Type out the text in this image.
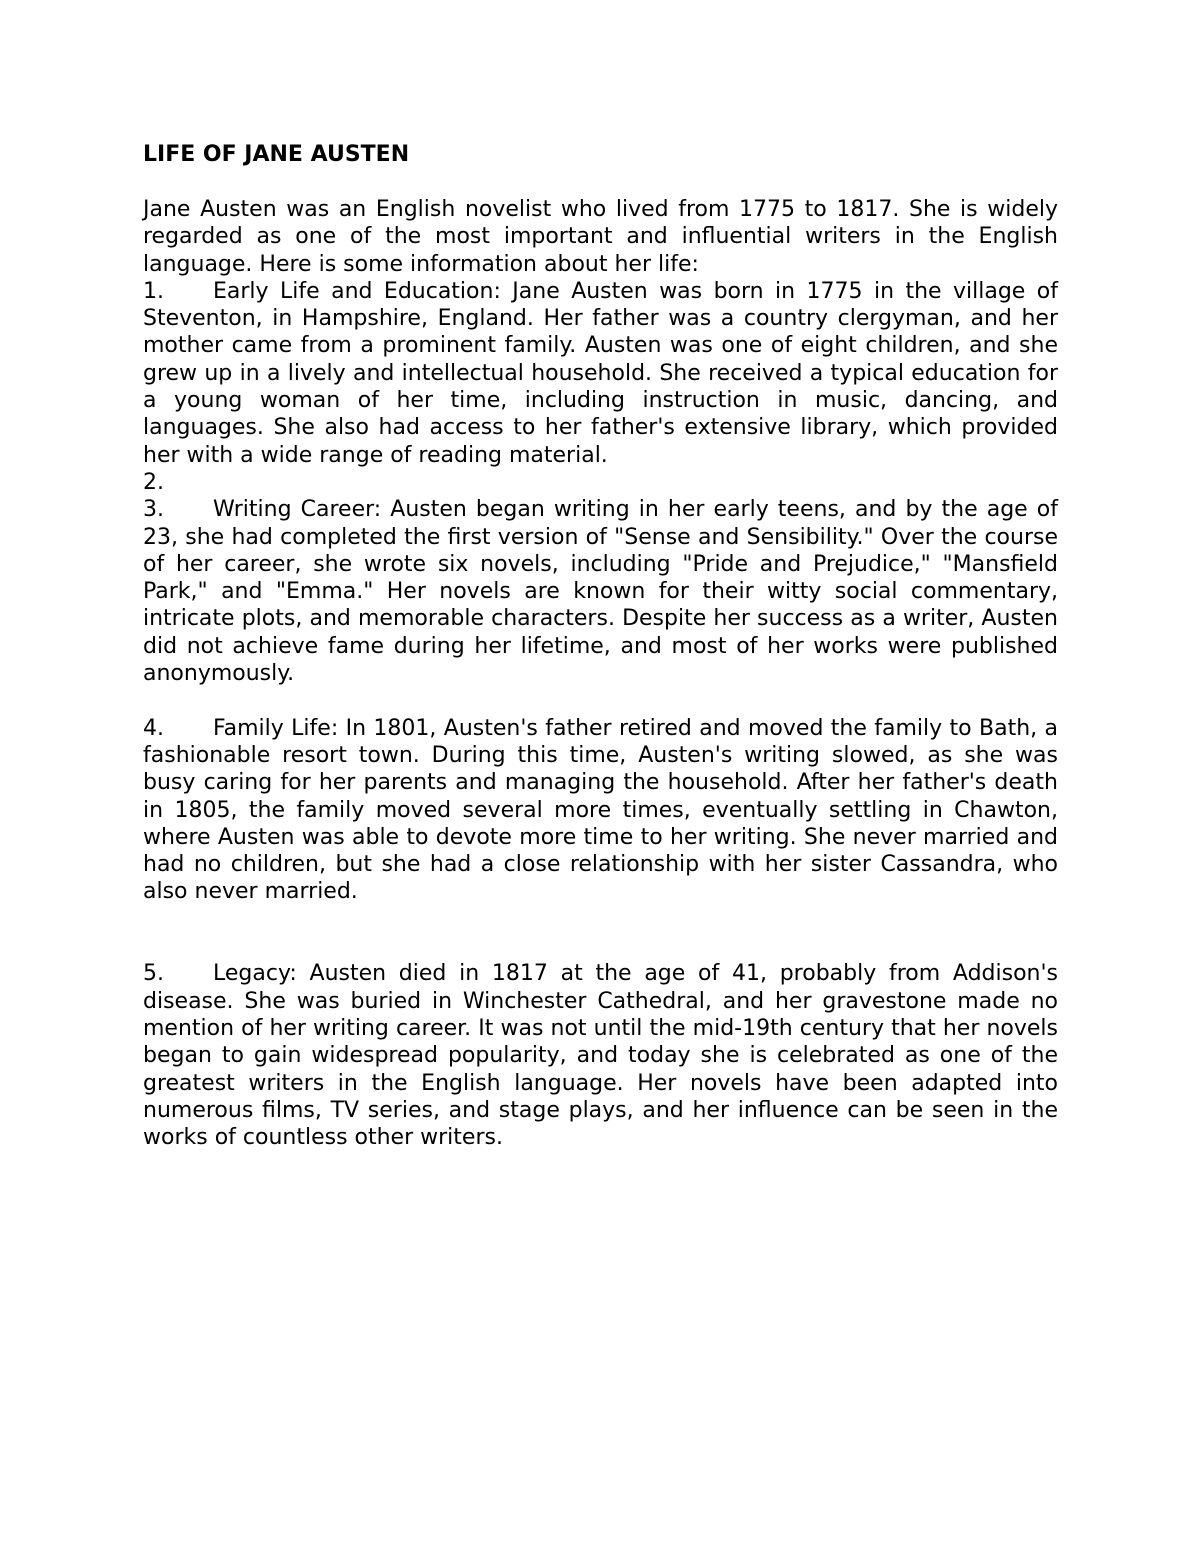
LIFE OF JANE AUSTEN

Jane Austen was an English novelist who lived from 1775 to 1817. She is widely regarded as one of the most important and influential writers in the English language. Here is some information about her life:

1.	Early Life and Education: Jane Austen was born in 1775 in the village of Steventon, in Hampshire, England. Her father was a country clergyman, and her mother came from a prominent family. Austen was one of eight children, and she grew up in a lively and intellectual household. She received a typical education for a young woman of her time, including instruction in music, dancing, and languages. She also had access to her father's extensive library, which provided her with a wide range of reading material.
2.
3.	Writing Career: Austen began writing in her early teens, and by the age of 23, she had completed the first version of "Sense and Sensibility." Over the course of her career, she wrote six novels, including "Pride and Prejudice," "Mansfield Park," and "Emma." Her novels are known for their witty social commentary, intricate plots, and memorable characters. Despite her success as a writer, Austen did not achieve fame during her lifetime, and most of her works were published anonymously.
4.	Family Life: In 1801, Austen's father retired and moved the family to Bath, a fashionable resort town. During this time, Austen's writing slowed, as she was busy caring for her parents and managing the household. After her father's death in 1805, the family moved several more times, eventually settling in Chawton, where Austen was able to devote more time to her writing. She never married and had no children, but she had a close relationship with her sister Cassandra, who also never married.
5.	Legacy: Austen died in 1817 at the age of 41, probably from Addison's disease. She was buried in Winchester Cathedral, and her gravestone made no mention of her writing career. It was not until the mid-19th century that her novels began to gain widespread popularity, and today she is celebrated as one of the greatest writers in the English language. Her novels have been adapted into numerous films, TV series, and stage plays, and her influence can be seen in the works of countless other writers.
